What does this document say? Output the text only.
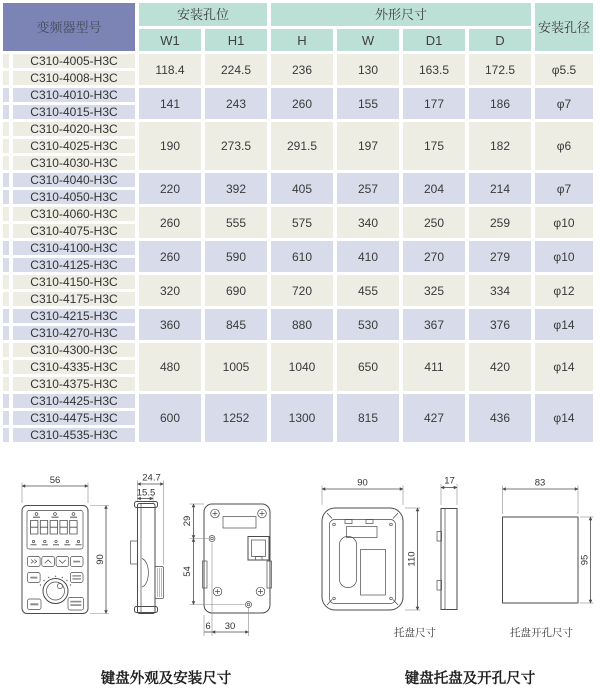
变频器型号
安装孔位	外形尺寸
安装孔径
W1	H1	H	W	D1	D
C310-4005-H3C
C310-4008-H3C
118.4	224.5	236	130	163.5	172.5	φ5.5
C310-4010-H3C
C310-4015-H3C
141	243	260	155	177	186	φ7
C310-4020-H3C
C310-4025-H3C
C310-4030-H3C
190	273.5	291.5	197	175	182	φ6
C310-4040-H3C
C310-4050-H3C
220	392	405	257	204	214	φ7
C310-4060-H3C
C310-4075-H3C
260	555	575	340	250	259	φ10
C310-4100-H3C
C310-4125-H3C
260	590	610	410	270	279	φ10
C310-4150-H3C
C310-4175-H3C
320	690	720	455	325	334	φ12
C310-4215-H3C
C310-4270-H3C
360	845	880	530	367	376	φ14
C310-4300-H3C
C310-4335-H3C
C310-4375-H3C
480	1005	1040	650	411	420	φ14
C310-4425-H3C
C310-4475-H3C
C310-4535-H3C
600	1252	1300	815	427	436	φ14
56
90
24.7
15.5
29
54
6 30
90
110
17	83
95
托盘尺寸	托盘开孔尺寸
键盘外观及安装尺寸	键盘托盘及开孔尺寸
